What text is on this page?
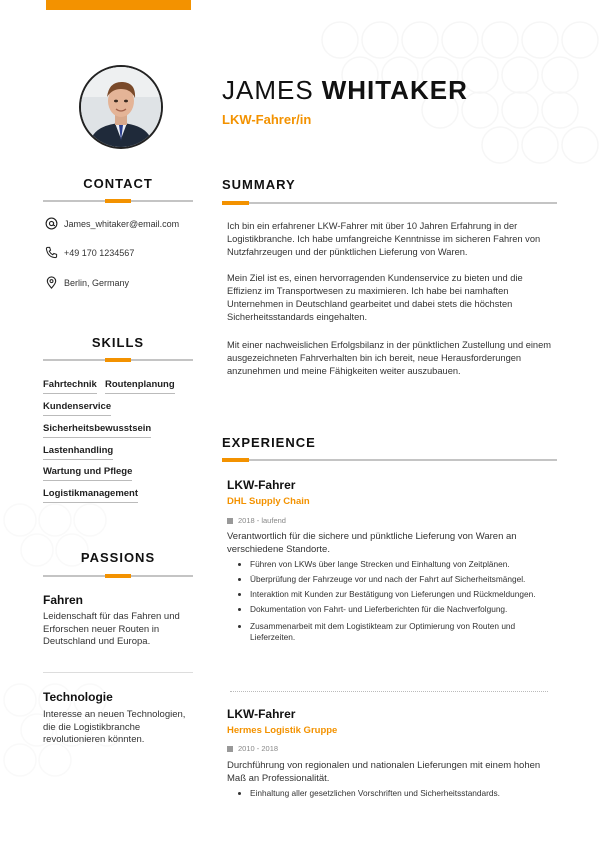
JAMES WHITAKER
LKW-Fahrer/in
CONTACT
James_whitaker@email.com
+49 170 1234567
Berlin, Germany
SKILLS
Fahrtechnik Routenplanung
Kundenservice
Sicherheitsbewusstsein
Lastenhandling
Wartung und Pflege
Logistikmanagement
PASSIONS
Fahren
Leidenschaft für das Fahren und Erforschen neuer Routen in Deutschland und Europa.
Technologie
Interesse an neuen Technologien, die die Logistikbranche revolutionieren könnten.
SUMMARY
Ich bin ein erfahrener LKW-Fahrer mit über 10 Jahren Erfahrung in der Logistikbranche. Ich habe umfangreiche Kenntnisse im sicheren Fahren von Nutzfahrzeugen und der pünktlichen Lieferung von Waren.
Mein Ziel ist es, einen hervorragenden Kundenservice zu bieten und die Effizienz im Transportwesen zu maximieren. Ich habe bei namhaften Unternehmen in Deutschland gearbeitet und dabei stets die höchsten Sicherheitsstandards eingehalten.
Mit einer nachweislichen Erfolgsbilanz in der pünktlichen Zustellung und einem ausgezeichneten Fahrverhalten bin ich bereit, neue Herausforderungen anzunehmen und meine Fähigkeiten weiter auszubauen.
EXPERIENCE
LKW-Fahrer
DHL Supply Chain
2018 - laufend
Verantwortlich für die sichere und pünktliche Lieferung von Waren an verschiedene Standorte.
Führen von LKWs über lange Strecken und Einhaltung von Zeitplänen.
Überprüfung der Fahrzeuge vor und nach der Fahrt auf Sicherheitsmängel.
Interaktion mit Kunden zur Bestätigung von Lieferungen und Rückmeldungen.
Dokumentation von Fahrt- und Lieferberichten für die Nachverfolgung.
Zusammenarbeit mit dem Logistikteam zur Optimierung von Routen und Lieferzeiten.
LKW-Fahrer
Hermes Logistik Gruppe
2010 - 2018
Durchführung von regionalen und nationalen Lieferungen mit einem hohen Maß an Professionalität.
Einhaltung aller gesetzlichen Vorschriften und Sicherheitsstandards.
